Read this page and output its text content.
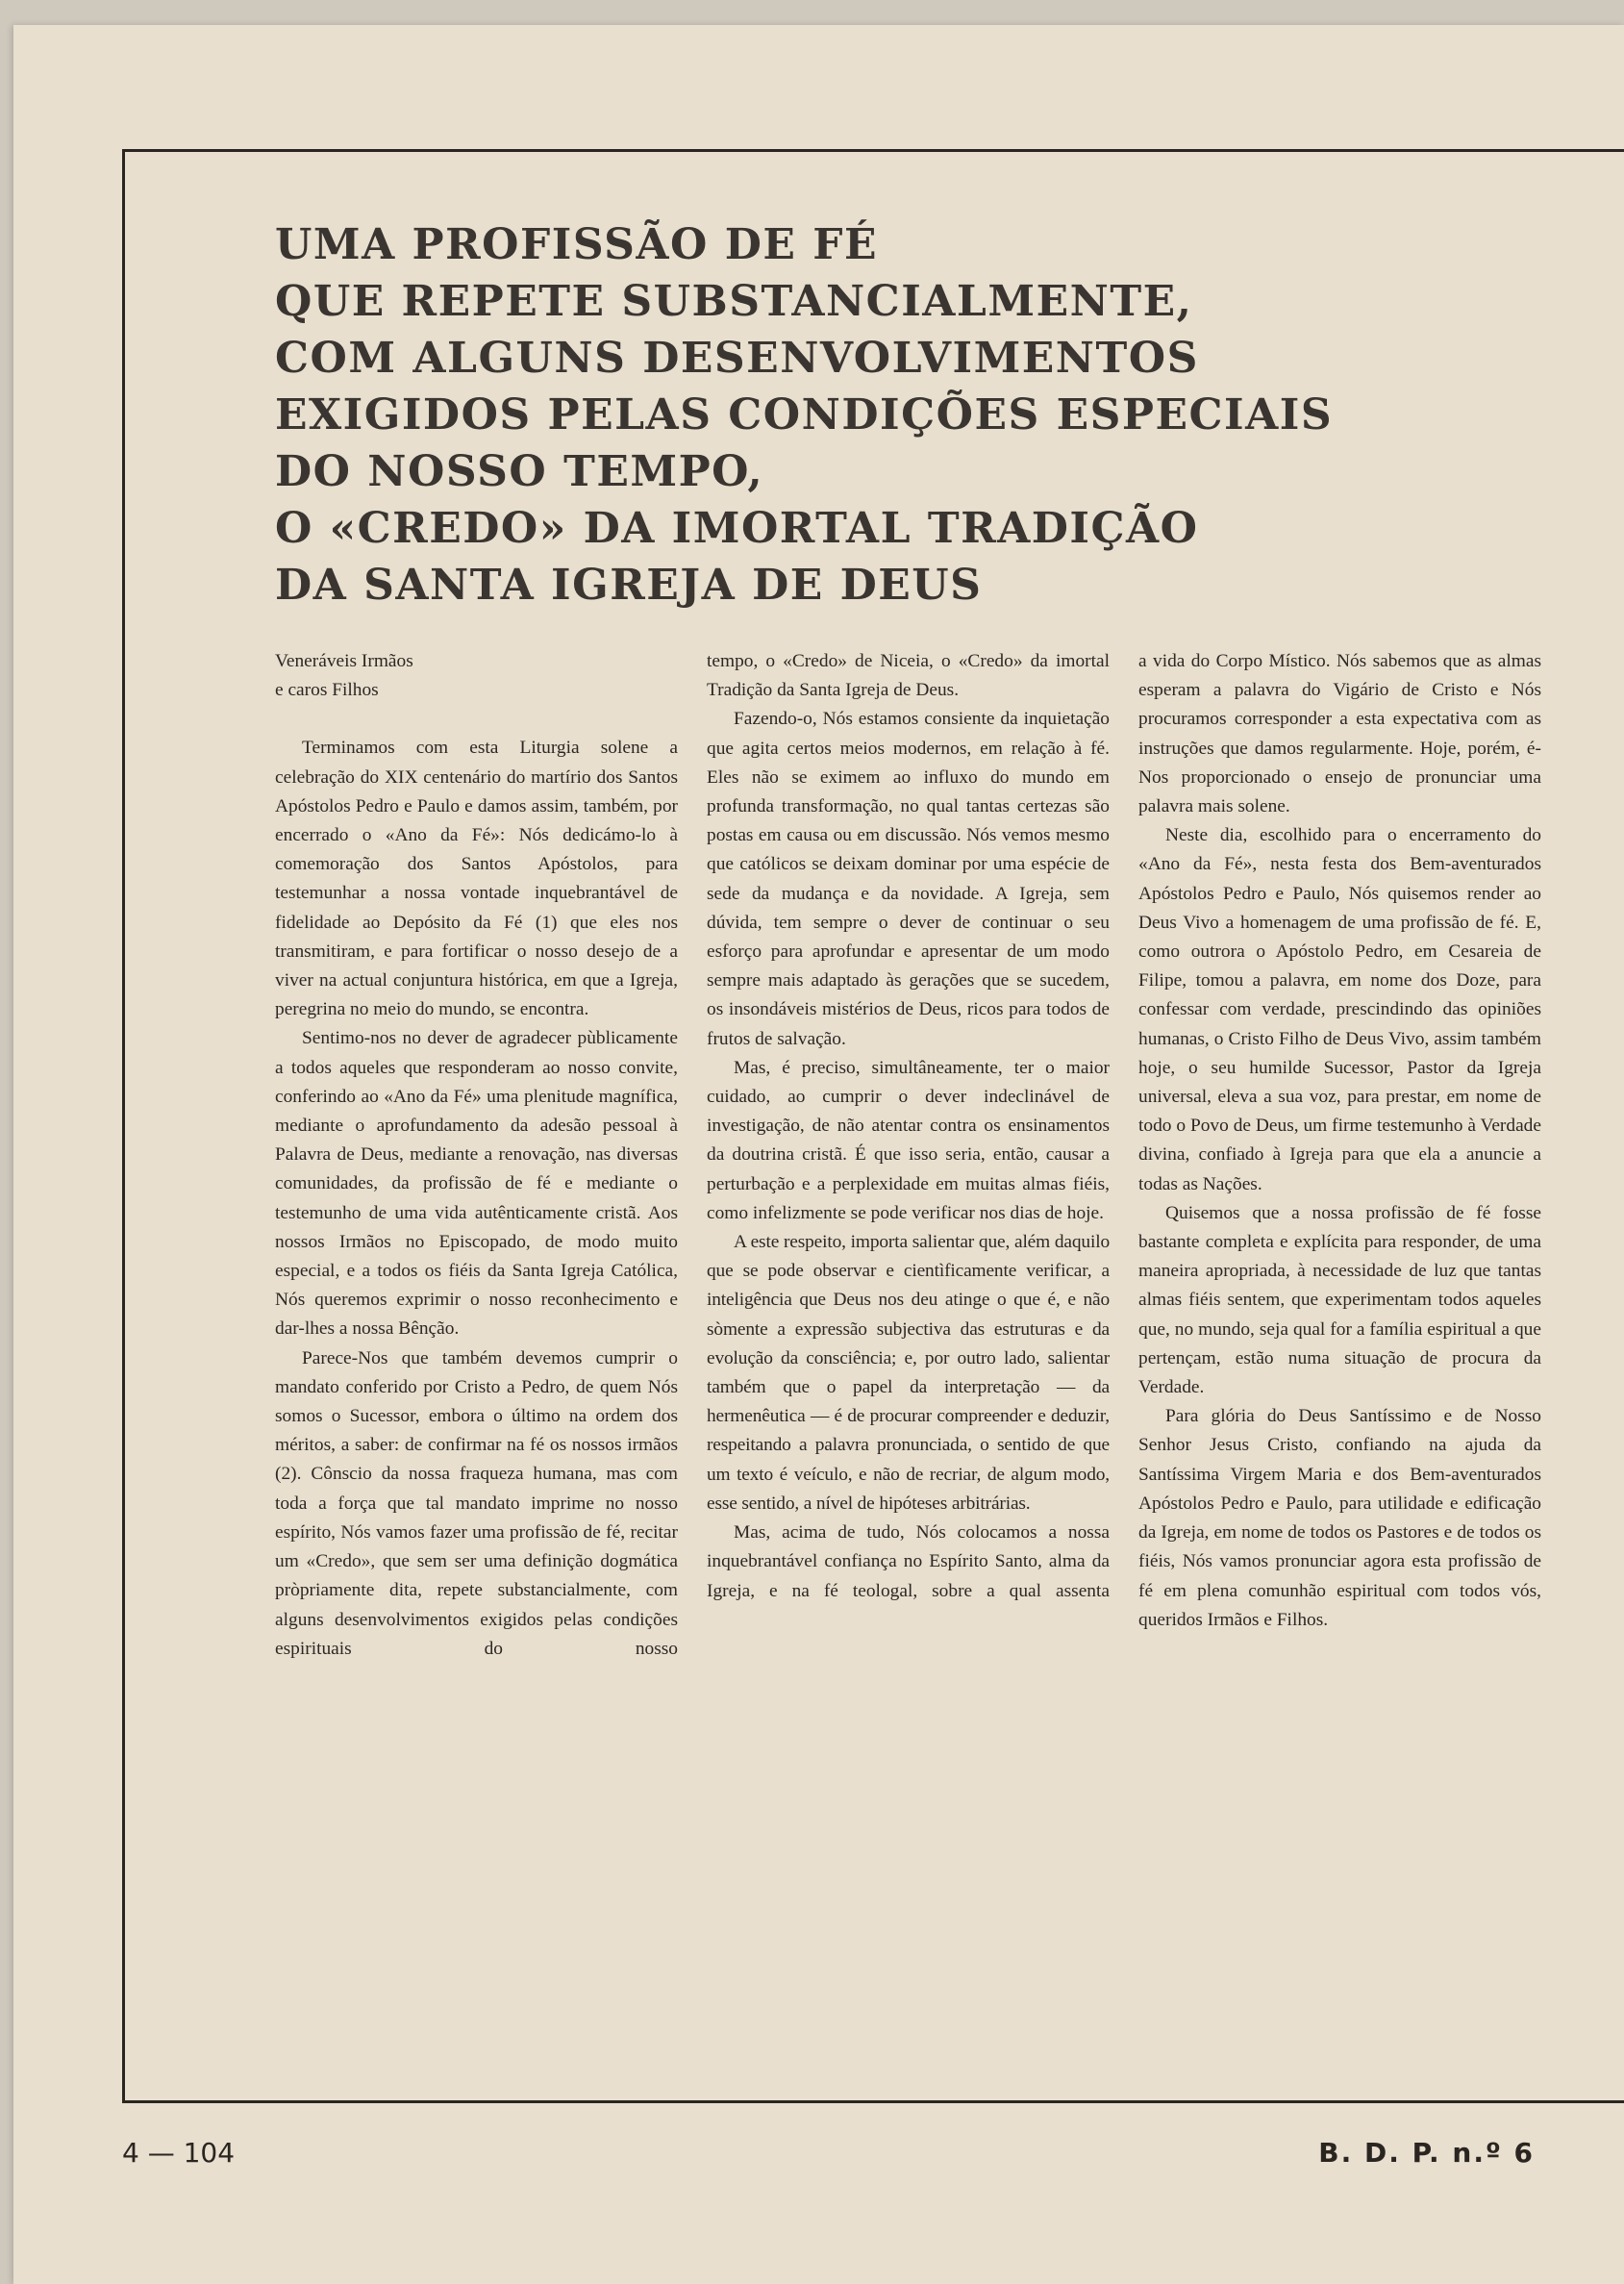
UMA PROFISSÃO DE FÉ
QUE REPETE SUBSTANCIALMENTE,
COM ALGUNS DESENVOLVIMENTOS
EXIGIDOS PELAS CONDIÇÕES ESPECIAIS
DO NOSSO TEMPO,
O «CREDO» DA IMORTAL TRADIÇÃO
DA SANTA IGREJA DE DEUS

Veneráveis Irmãos
e caros Filhos

Terminamos com esta Liturgia solene a celebração do XIX centenário do martírio dos Santos Apóstolos Pedro e Paulo e damos assim, também, por encerrado o «Ano da Fé»: Nós dedicámo-lo à comemoração dos Santos Apóstolos, para testemunhar a nossa vontade inquebrantável de fidelidade ao Depósito da Fé (1) que eles nos transmitiram, e para fortificar o nosso desejo de a viver na actual conjuntura histórica, em que a Igreja, peregrina no meio do mundo, se encontra.

Sentimo-nos no dever de agradecer pùblicamente a todos aqueles que responderam ao nosso convite, conferindo ao «Ano da Fé» uma plenitude magnífica, mediante o aprofundamento da adesão pessoal à Palavra de Deus, mediante a renovação, nas diversas comunidades, da profissão de fé e mediante o testemunho de uma vida autênticamente cristã. Aos nossos Irmãos no Episcopado, de modo muito especial, e a todos os fiéis da Santa Igreja Católica, Nós queremos exprimir o nosso reconhecimento e dar-lhes a nossa Bênção.

Parece-Nos que também devemos cumprir o mandato conferido por Cristo a Pedro, de quem Nós somos o Sucessor, embora o último na ordem dos méritos, a saber: de confirmar na fé os nossos irmãos (2). Cônscio da nossa fraqueza humana, mas com toda a força que tal mandato imprime no nosso espírito, Nós vamos fazer uma profissão de fé, recitar um «Credo», que sem ser uma definição dogmática pròpriamente dita, repete substancialmente, com alguns desenvolvimentos exigidos pelas condições espirituais do nosso

tempo, o «Credo» de Niceia, o «Credo» da imortal Tradição da Santa Igreja de Deus.

Fazendo-o, Nós estamos consiente da inquietação que agita certos meios modernos, em relação à fé. Eles não se eximem ao influxo do mundo em profunda transformação, no qual tantas certezas são postas em causa ou em discussão. Nós vemos mesmo que católicos se deixam dominar por uma espécie de sede da mudança e da novidade. A Igreja, sem dúvida, tem sempre o dever de continuar o seu esforço para aprofundar e apresentar de um modo sempre mais adaptado às gerações que se sucedem, os insondáveis mistérios de Deus, ricos para todos de frutos de salvação.

Mas, é preciso, simultâneamente, ter o maior cuidado, ao cumprir o dever indeclinável de investigação, de não atentar contra os ensinamentos da doutrina cristã. É que isso seria, então, causar a perturbação e a perplexidade em muitas almas fiéis, como infelizmente se pode verificar nos dias de hoje.

A este respeito, importa salientar que, além daquilo que se pode observar e cientìficamente verificar, a inteligência que Deus nos deu atinge o que é, e não sòmente a expressão subjectiva das estruturas e da evolução da consciência; e, por outro lado, salientar também que o papel da interpretação — da hermenêutica — é de procurar compreender e deduzir, respeitando a palavra pronunciada, o sentido de que um texto é veículo, e não de recriar, de algum modo, esse sentido, a nível de hipóteses arbitrárias.

Mas, acima de tudo, Nós colocamos a nossa inquebrantável confiança no Espírito Santo, alma da Igreja, e na fé teologal, sobre a qual assenta

a vida do Corpo Místico. Nós sabemos que as almas esperam a palavra do Vigário de Cristo e Nós procuramos corresponder a esta expectativa com as instruções que damos regularmente. Hoje, porém, é-Nos proporcionado o ensejo de pronunciar uma palavra mais solene.

Neste dia, escolhido para o encerramento do «Ano da Fé», nesta festa dos Bem-aventurados Apóstolos Pedro e Paulo, Nós quisemos render ao Deus Vivo a homenagem de uma profissão de fé. E, como outrora o Apóstolo Pedro, em Cesareia de Filipe, tomou a palavra, em nome dos Doze, para confessar com verdade, prescindindo das opiniões humanas, o Cristo Filho de Deus Vivo, assim também hoje, o seu humilde Sucessor, Pastor da Igreja universal, eleva a sua voz, para prestar, em nome de todo o Povo de Deus, um firme testemunho à Verdade divina, confiado à Igreja para que ela a anuncie a todas as Nações.

Quisemos que a nossa profissão de fé fosse bastante completa e explícita para responder, de uma maneira apropriada, à necessidade de luz que tantas almas fiéis sentem, que experimentam todos aqueles que, no mundo, seja qual for a família espiritual a que pertençam, estão numa situação de procura da Verdade.

Para glória do Deus Santíssimo e de Nosso Senhor Jesus Cristo, confiando na ajuda da Santíssima Virgem Maria e dos Bem-aventurados Apóstolos Pedro e Paulo, para utilidade e edificação da Igreja, em nome de todos os Pastores e de todos os fiéis, Nós vamos pronunciar agora esta profissão de fé em plena comunhão espiritual com todos vós, queridos Irmãos e Filhos.

4 — 104	B. D. P. n.º 6
